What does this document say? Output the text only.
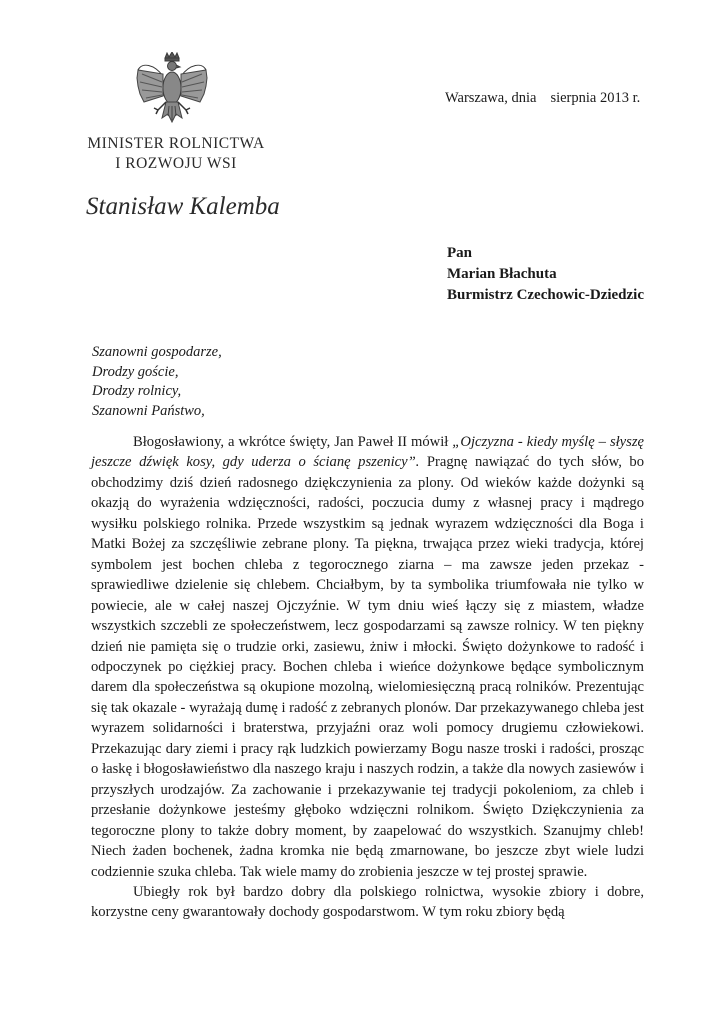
MINISTER ROLNICTWA
I ROZWOJU WSI
Stanisław Kalemba
Warszawa, dnia sierpnia 2013 r.
Pan
Marian Błachuta
Burmistrz Czechowic-Dziedzic
Szanowni gospodarze,
Drodzy goście,
Drodzy rolnicy,
Szanowni Państwo,

Błogosławiony, a wkrótce święty, Jan Paweł II mówił „Ojczyzna - kiedy myślę – słyszę jeszcze dźwięk kosy, gdy uderza o ścianę pszenicy”. Pragnę nawiązać do tych słów, bo obchodzimy dziś dzień radosnego dziękczynienia za plony. Od wieków każde dożynki są okazją do wyrażenia wdzięczności, radości, poczucia dumy z własnej pracy i mądrego wysiłku polskiego rolnika. Przede wszystkim są jednak wyrazem wdzięczności dla Boga i Matki Bożej za szczęśliwie zebrane plony. Ta piękna, trwająca przez wieki tradycja, której symbolem jest bochen chleba z tegorocznego ziarna – ma zawsze jeden przekaz - sprawiedliwe dzielenie się chlebem. Chciałbym, by ta symbolika triumfowała nie tylko w powiecie, ale w całej naszej Ojczyźnie. W tym dniu wieś łączy się z miastem, władze wszystkich szczebli ze społeczeństwem, lecz gospodarzami są zawsze rolnicy. W ten piękny dzień nie pamięta się o trudzie orki, zasiewu, żniw i młocki. Święto dożynkowe to radość i odpoczynek po ciężkiej pracy. Bochen chleba i wieńce dożynkowe będące symbolicznym darem dla społeczeństwa są okupione mozolną, wielomiesięczną pracą rolników. Prezentując się tak okazale - wyrażają dumę i radość z zebranych plonów. Dar przekazywanego chleba jest wyrazem solidarności i braterstwa, przyjaźni oraz woli pomocy drugiemu człowiekowi. Przekazując dary ziemi i pracy rąk ludzkich powierzamy Bogu nasze troski i radości, prosząc o łaskę i błogosławieństwo dla naszego kraju i naszych rodzin, a także dla nowych zasiewów i przyszłych urodzajów. Za zachowanie i przekazywanie tej tradycji pokoleniom, za chleb i przesłanie dożynkowe jesteśmy głęboko wdzięczni rolnikom. Święto Dziękczynienia za tegoroczne plony to także dobry moment, by zaapelować do wszystkich. Szanujmy chleb! Niech żaden bochenek, żadna kromka nie będą zmarnowane, bo jeszcze zbyt wiele ludzi codziennie szuka chleba. Tak wiele mamy do zrobienia jeszcze w tej prostej sprawie.

Ubiegły rok był bardzo dobry dla polskiego rolnictwa, wysokie zbiory i dobre, korzystne ceny gwarantowały dochody gospodarstwom. W tym roku zbiory będą
